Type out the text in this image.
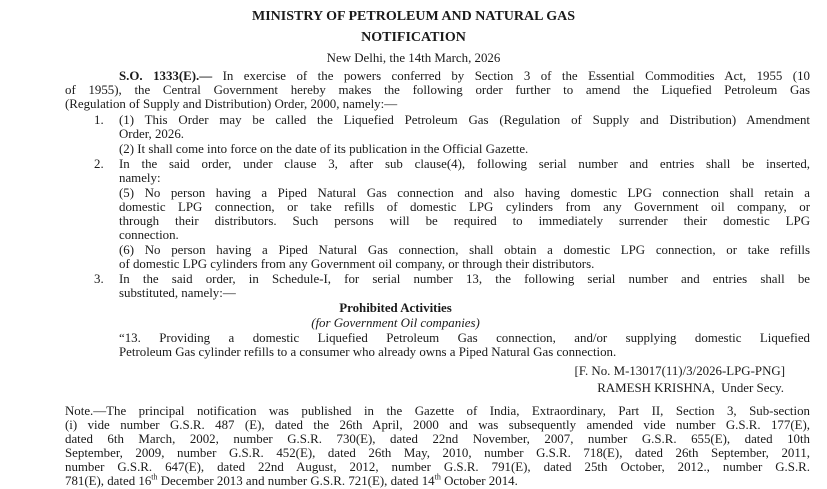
MINISTRY OF PETROLEUM AND NATURAL GAS
NOTIFICATION
New Delhi, the 14th March, 2026
S.O. 1333(E).— In exercise of the powers conferred by Section 3 of the Essential Commodities Act, 1955 (10
of 1955), the Central Government hereby makes the following order further to amend the Liquefied Petroleum Gas
(Regulation of Supply and Distribution) Order, 2000, namely:—
1. (1) This Order may be called the Liquefied Petroleum Gas (Regulation of Supply and Distribution) Amendment
Order, 2026.
(2) It shall come into force on the date of its publication in the Official Gazette.
2. In the said order, under clause 3, after sub clause(4), following serial number and entries shall be inserted,
namely:
(5) No person having a Piped Natural Gas connection and also having domestic LPG connection shall retain a
domestic LPG connection, or take refills of domestic LPG cylinders from any Government oil company, or
through their distributors. Such persons will be required to immediately surrender their domestic LPG
connection.
(6) No person having a Piped Natural Gas connection, shall obtain a domestic LPG connection, or take refills
of domestic LPG cylinders from any Government oil company, or through their distributors.
3. In the said order, in Schedule-I, for serial number 13, the following serial number and entries shall be
substituted, namely:—
Prohibited Activities
(for Government Oil companies)
“13. Providing a domestic Liquefied Petroleum Gas connection, and/or supplying domestic Liquefied
Petroleum Gas cylinder refills to a consumer who already owns a Piped Natural Gas connection.
[F. No. M-13017(11)/3/2026-LPG-PNG]
RAMESH KRISHNA,  Under Secy.
Note.—The principal notification was published in the Gazette of India, Extraordinary, Part II, Section 3, Sub-section
(i) vide number G.S.R. 487 (E), dated the 26th April, 2000 and was subsequently amended vide number G.S.R. 177(E),
dated 6th March, 2002, number G.S.R. 730(E), dated 22nd November, 2007, number G.S.R. 655(E), dated 10th
September, 2009, number G.S.R. 452(E), dated 26th May, 2010, number G.S.R. 718(E), dated 26th September, 2011,
number G.S.R. 647(E), dated 22nd August, 2012, number G.S.R. 791(E), dated 25th October, 2012., number G.S.R.
781(E), dated 16th December 2013 and number G.S.R. 721(E), dated 14th October 2014.
